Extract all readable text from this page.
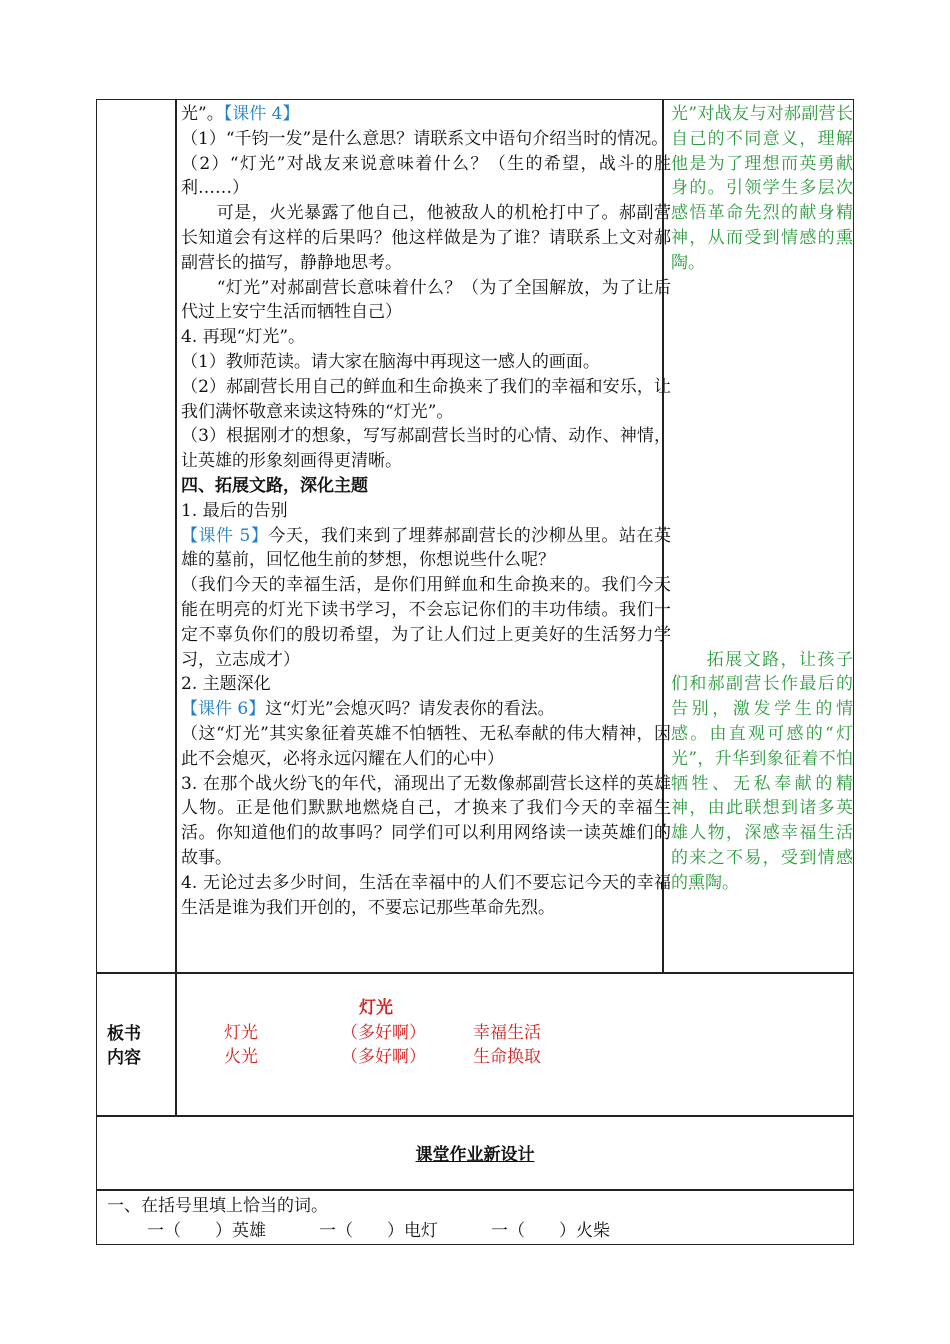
光”。【课件 4】

（1）“千钧一发”是什么意思？请联系文中语句介绍当时的情况。

（2）“灯光”对战友来说意味着什么？（生的希望，战斗的胜利……）

可是，火光暴露了他自己，他被敌人的机枪打中了。郝副营长知道会有这样的后果吗？他这样做是为了谁？请联系上文对郝副营长的描写，静静地思考。

“灯光”对郝副营长意味着什么？（为了全国解放，为了让后代过上安宁生活而牺牲自己）

4. 再现“灯光”。

（1）教师范读。请大家在脑海中再现这一感人的画面。

（2）郝副营长用自己的鲜血和生命换来了我们的幸福和安乐，让我们满怀敬意来读这特殊的“灯光”。

（3）根据刚才的想象，写写郝副营长当时的心情、动作、神情，让英雄的形象刻画得更清晰。

四、拓展文路，深化主题

1. 最后的告别

【课件 5】今天，我们来到了埋葬郝副营长的沙柳丛里。站在英雄的墓前，回忆他生前的梦想，你想说些什么呢？

（我们今天的幸福生活，是你们用鲜血和生命换来的。我们今天能在明亮的灯光下读书学习，不会忘记你们的丰功伟绩。我们一定不辜负你们的殷切希望，为了让人们过上更美好的生活努力学习，立志成才）

2. 主题深化

【课件 6】这“灯光”会熄灭吗？请发表你的看法。

（这“灯光”其实象征着英雄不怕牺牲、无私奉献的伟大精神，因此不会熄灭，必将永远闪耀在人们的心中）

3. 在那个战火纷飞的年代，涌现出了无数像郝副营长这样的英雄人物。正是他们默默地燃烧自己，才换来了我们今天的幸福生活。你知道他们的故事吗？同学们可以利用网络读一读英雄们的故事。

4. 无论过去多少时间，生活在幸福中的人们不要忘记今天的幸福生活是谁为我们开创的，不要忘记那些革命先烈。

光”对战友与对郝副营长自己的不同意义，理解他是为了理想而英勇献身的。引领学生多层次感悟革命先烈的献身精神，从而受到情感的熏陶。

拓展文路，让孩子们和郝副营长作最后的告别，激发学生的情感。由直观可感的“灯光”，升华到象征着不怕牺牲、无私奉献的精神，由此联想到诸多英雄人物，深感幸福生活的来之不易，受到情感的熏陶。

板书
内容
灯光
灯光	（多好啊）	幸福生活
火光	（多好啊）	生命换取
课堂作业新设计
一、在括号里填上恰当的词。
一（　　）英雄	一（　　）电灯	一（　　）火柴
